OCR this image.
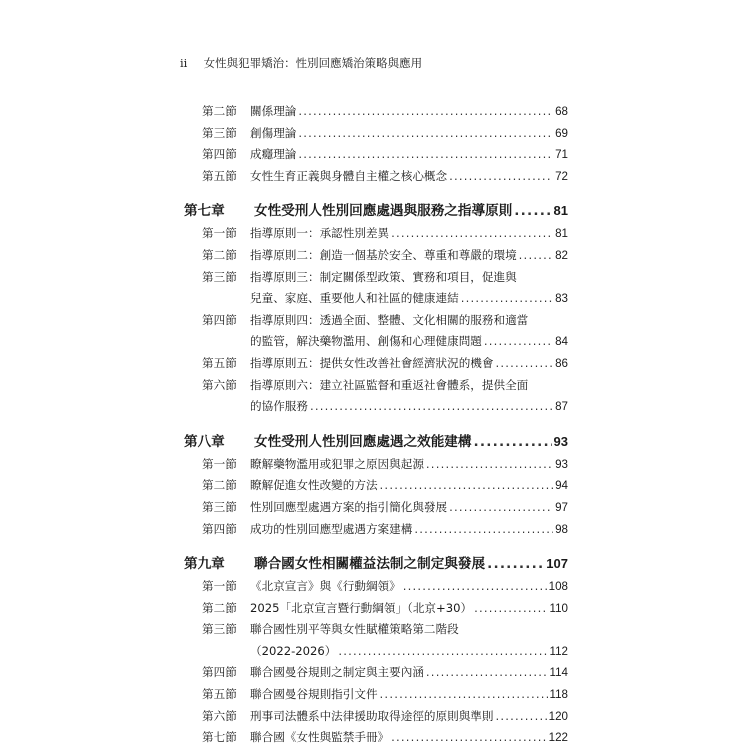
ii 女性與犯罪矯治：性別回應矯治策略與應用
第二節	關係理論 .....	68
第三節	創傷理論 .....	69
第四節	成癮理論 .....	71
第五節	女性生育正義與身體自主權之核心概念 .....	72
第七章	女性受刑人性別回應處遇與服務之指導原則 .....	81
第一節	指導原則一：承認性別差異 .....	81
第二節	指導原則二：創造一個基於安全、尊重和尊嚴的環境 .....	82
第三節	指導原則三：制定關係型政策、實務和項目，促進與
兒童、家庭、重要他人和社區的健康連結 .....	83
第四節	指導原則四：透過全面、整體、文化相關的服務和適當
的監管，解決藥物濫用、創傷和心理健康問題 .....	84
第五節	指導原則五：提供女性改善社會經濟狀況的機會 .....	86
第六節	指導原則六：建立社區監督和重返社會體系，提供全面
的協作服務 .....	87
第八章	女性受刑人性別回應處遇之效能建構 .....	93
第一節	瞭解藥物濫用或犯罪之原因與起源 .....	93
第二節	瞭解促進女性改變的方法 .....	94
第三節	性別回應型處遇方案的指引簡化與發展 .....	97
第四節	成功的性別回應型處遇方案建構 .....	98
第九章	聯合國女性相關權益法制之制定與發展 .....	107
第一節	《北京宣言》與《行動綱領》 .....	108
第二節	2025「北京宣言暨行動綱領」（北京+30） .....	110
第三節	聯合國性別平等與女性賦權策略第二階段
（2022-2026） .....	112
第四節	聯合國曼谷規則之制定與主要內涵 .....	114
第五節	聯合國曼谷規則指引文件 .....	118
第六節	刑事司法體系中法律援助取得途徑的原則與準則 .....	120
第七節	聯合國《女性與監禁手冊》 .....	122
